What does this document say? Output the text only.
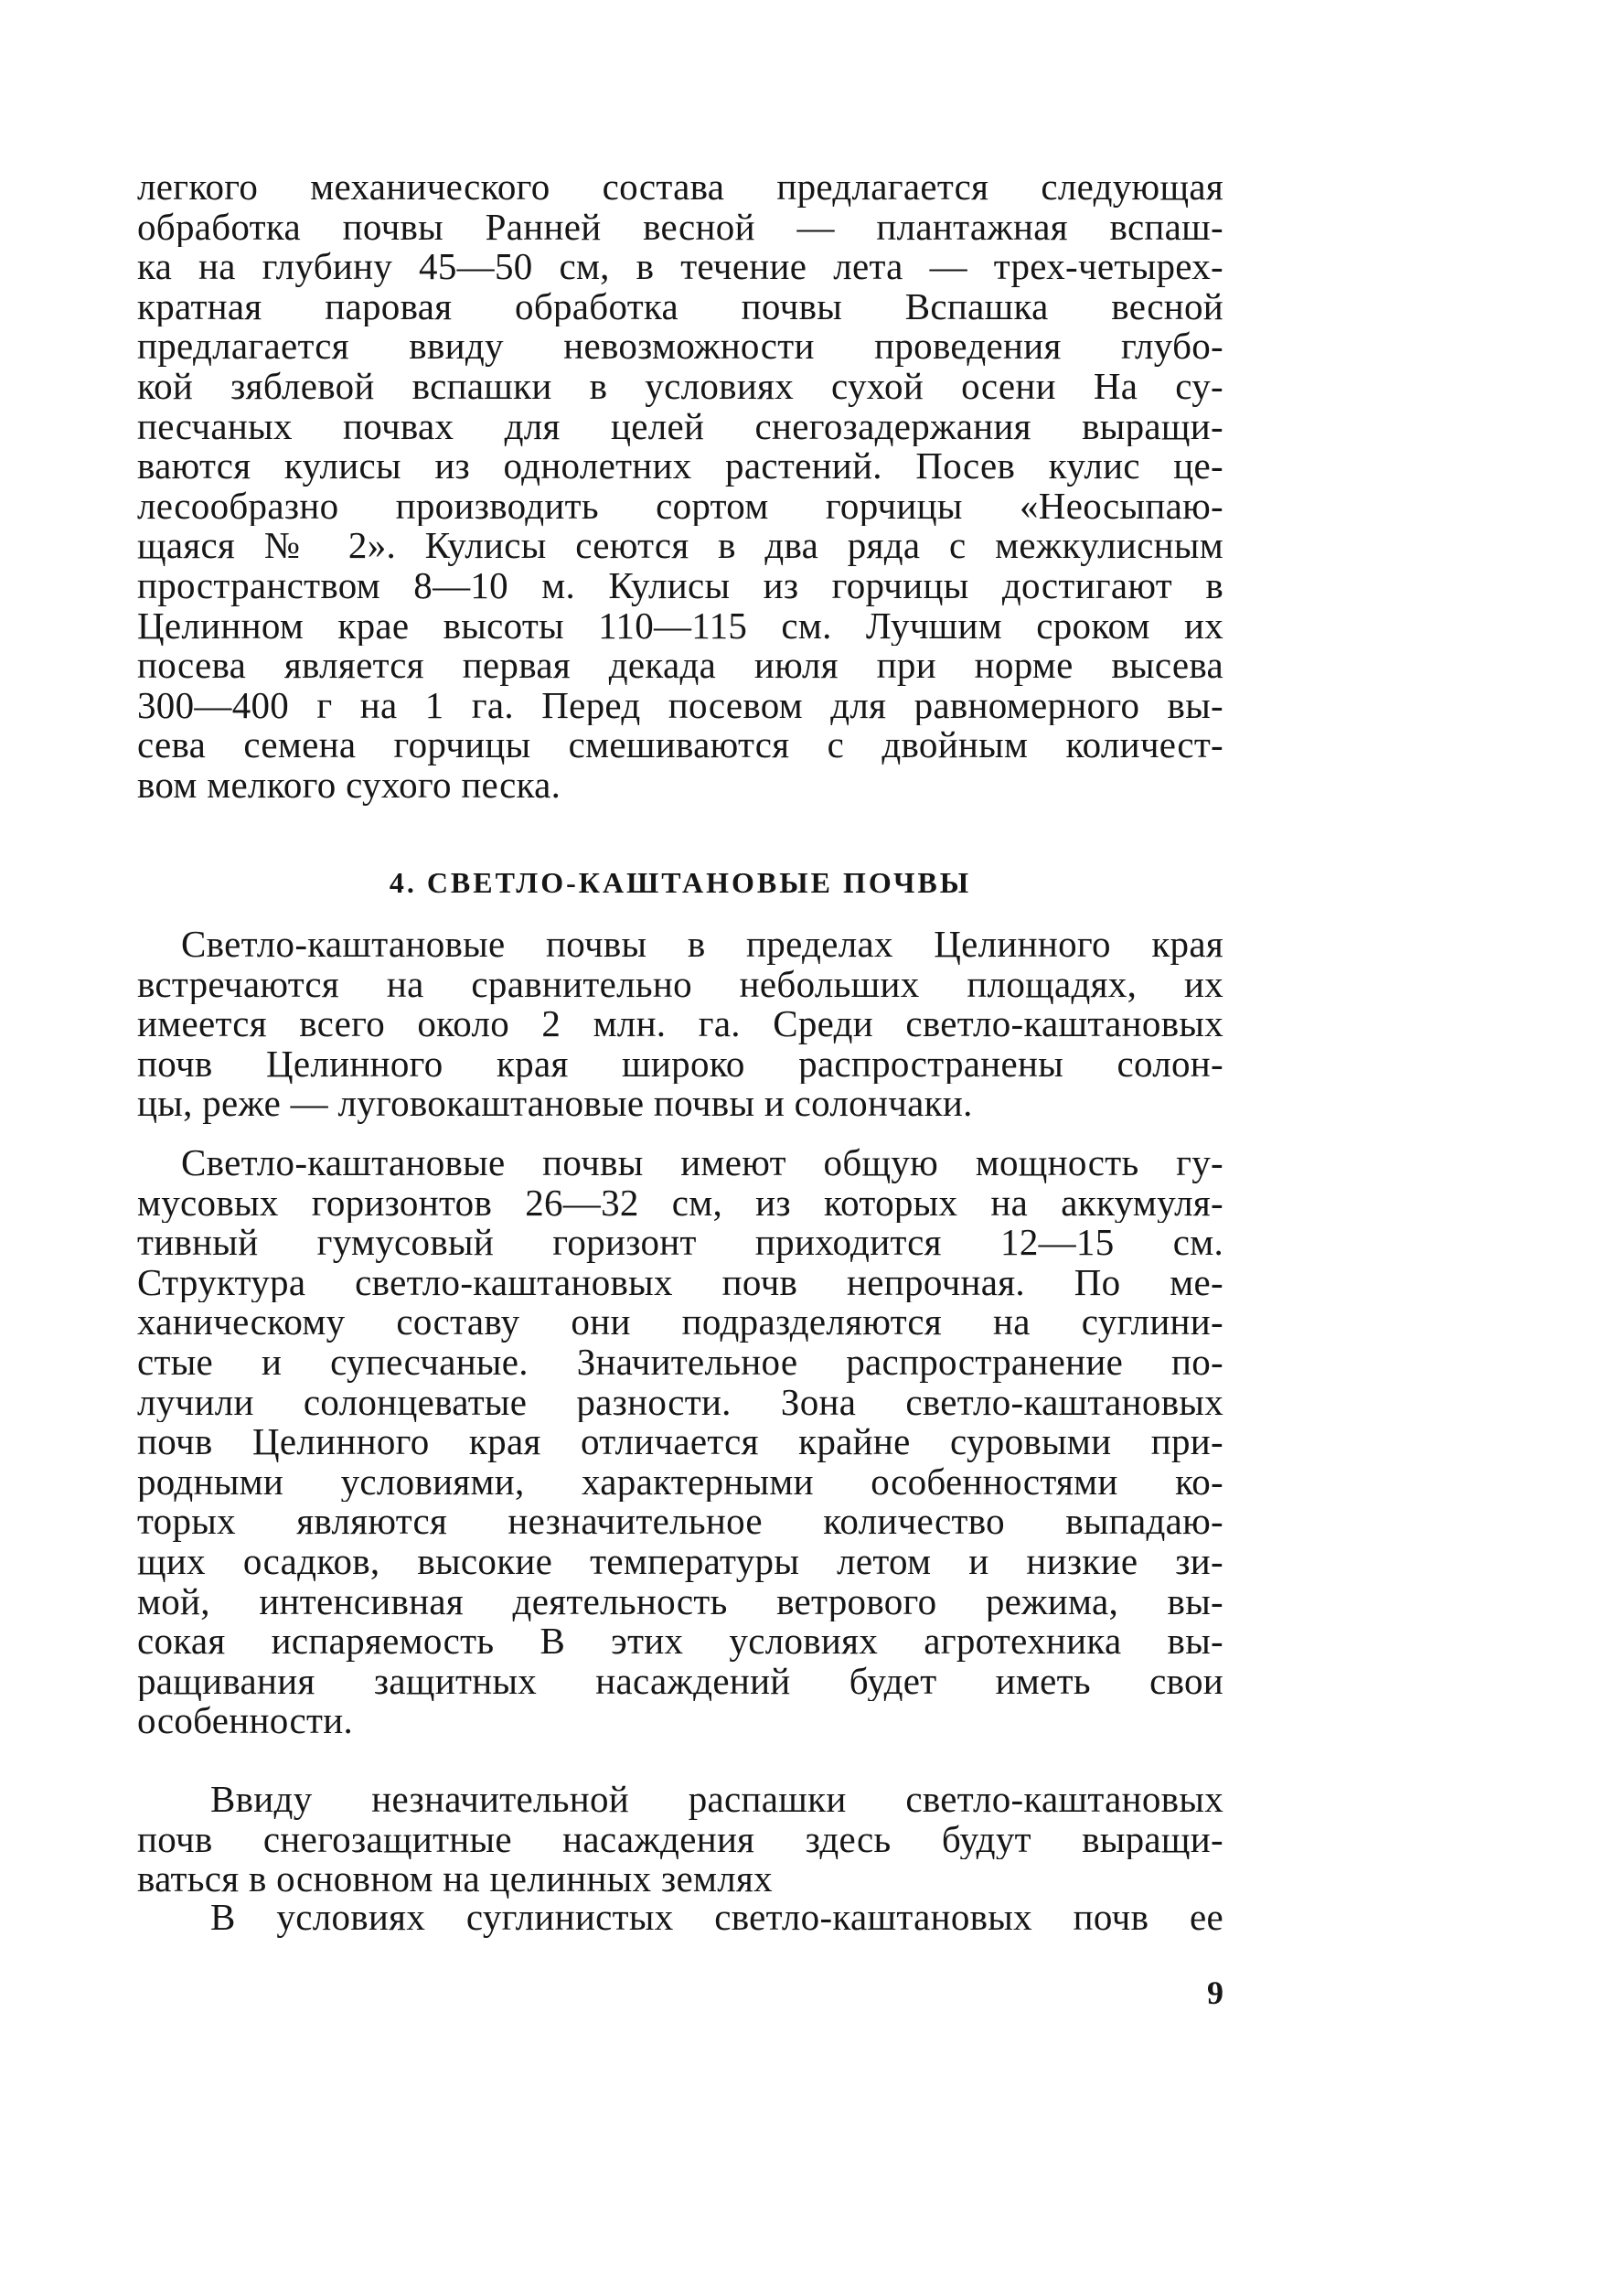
легкого механического состава предлагается следующая
обработка почвы Ранней весной — плантажная вспаш-
ка на глубину 45—50 см, в течение лета — трех-четырех-
кратная паровая обработка почвы Вспашка весной
предлагается ввиду невозможности проведения глубо-
кой зяблевой вспашки в условиях сухой осени На су-
песчаных почвах для целей снегозадержания выращи-
ваются кулисы из однолетних растений. Посев кулис це-
лесообразно производить сортом горчицы «Неосыпаю-
щаяся № 2». Кулисы сеются в два ряда с межкулисным
пространством 8—10 м. Кулисы из горчицы достигают в
Целинном крае высоты 110—115 см. Лучшим сроком их
посева является первая декада июля при норме высева
300—400 г на 1 га. Перед посевом для равномерного вы-
сева семена горчицы смешиваются с двойным количест-
вом мелкого сухого песка.
4. СВЕТЛО-КАШТАНОВЫЕ ПОЧВЫ
Светло-каштановые почвы в пределах Целинного края
встречаются на сравнительно небольших площадях, их
имеется всего около 2 млн. га. Среди светло-каштановых
почв Целинного края широко распространены солон-
цы, реже — луговокаштановые почвы и солончаки.
Светло-каштановые почвы имеют общую мощность гу-
мусовых горизонтов 26—32 см, из которых на аккумуля-
тивный гумусовый горизонт приходится 12—15 см.
Структура светло-каштановых почв непрочная. По ме-
ханическому составу они подразделяются на суглини-
стые и супесчаные. Значительное распространение по-
лучили солонцеватые разности. Зона светло-каштановых
почв Целинного края отличается крайне суровыми при-
родными условиями, характерными особенностями ко-
торых являются незначительное количество выпадаю-
щих осадков, высокие температуры летом и низкие зи-
мой, интенсивная деятельность ветрового режима, вы-
сокая испаряемость В этих условиях агротехника вы-
ращивания защитных насаждений будет иметь свои
особенности.
Ввиду незначительной распашки светло-каштановых
почв снегозащитные насаждения здесь будут выращи-
ваться в основном на целинных землях
В условиях суглинистых светло-каштановых почв ее
9
